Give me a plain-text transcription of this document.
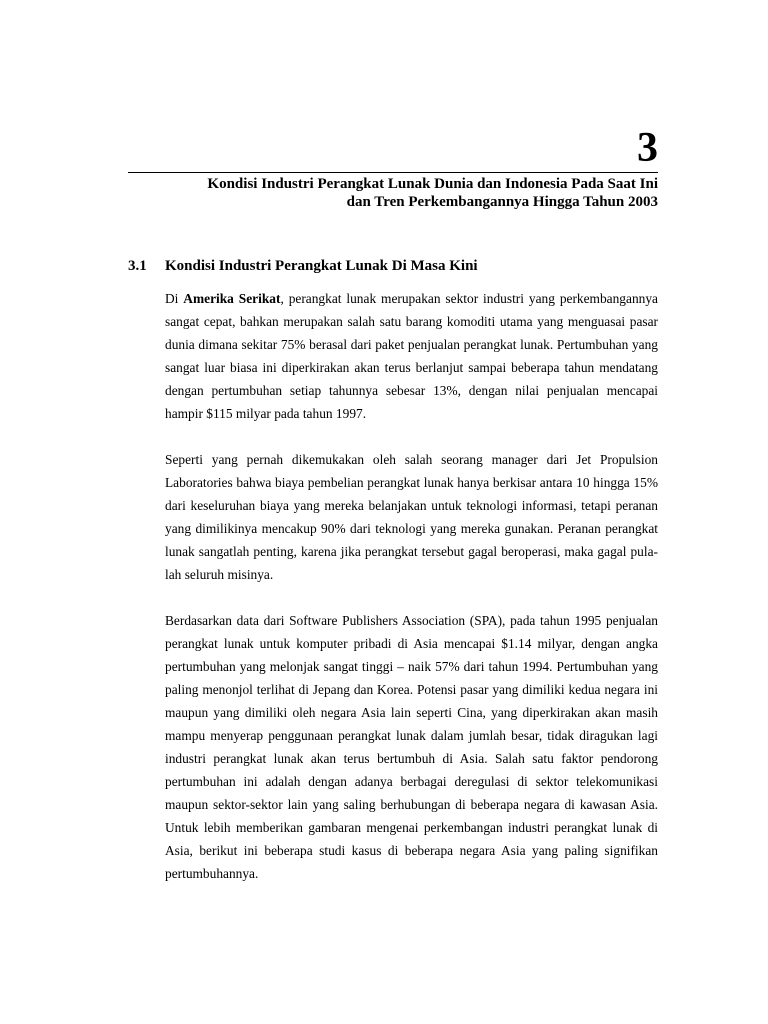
3
Kondisi Industri Perangkat Lunak Dunia dan Indonesia Pada Saat Ini
dan Tren Perkembangannya Hingga Tahun 2003
3.1 Kondisi Industri Perangkat Lunak Di Masa Kini

Di Amerika Serikat, perangkat lunak merupakan sektor industri yang perkembangannya sangat cepat, bahkan merupakan salah satu barang komoditi utama yang menguasai pasar dunia dimana sekitar 75% berasal dari paket penjualan perangkat lunak. Pertumbuhan yang sangat luar biasa ini diperkirakan akan terus berlanjut sampai beberapa tahun mendatang dengan pertumbuhan setiap tahunnya sebesar 13%, dengan nilai penjualan mencapai hampir $115 milyar pada tahun 1997.

Seperti yang pernah dikemukakan oleh salah seorang manager dari Jet Propulsion Laboratories bahwa biaya pembelian perangkat lunak hanya berkisar antara 10 hingga 15% dari keseluruhan biaya yang mereka belanjakan untuk teknologi informasi, tetapi peranan yang dimilikinya mencakup 90% dari teknologi yang mereka gunakan. Peranan perangkat lunak sangatlah penting, karena jika perangkat tersebut gagal beroperasi, maka gagal pula-lah seluruh misinya.

Berdasarkan data dari Software Publishers Association (SPA), pada tahun 1995 penjualan perangkat lunak untuk komputer pribadi di Asia mencapai $1.14 milyar, dengan angka pertumbuhan yang melonjak sangat tinggi – naik 57% dari tahun 1994. Pertumbuhan yang paling menonjol terlihat di Jepang dan Korea. Potensi pasar yang dimiliki kedua negara ini maupun yang dimiliki oleh negara Asia lain seperti Cina, yang diperkirakan akan masih mampu menyerap penggunaan perangkat lunak dalam jumlah besar, tidak diragukan lagi industri perangkat lunak akan terus bertumbuh di Asia. Salah satu faktor pendorong pertumbuhan ini adalah dengan adanya berbagai deregulasi di sektor telekomunikasi maupun sektor-sektor lain yang saling berhubungan di beberapa negara di kawasan Asia. Untuk lebih memberikan gambaran mengenai perkembangan industri perangkat lunak di Asia, berikut ini beberapa studi kasus di beberapa negara Asia yang paling signifikan pertumbuhannya.
